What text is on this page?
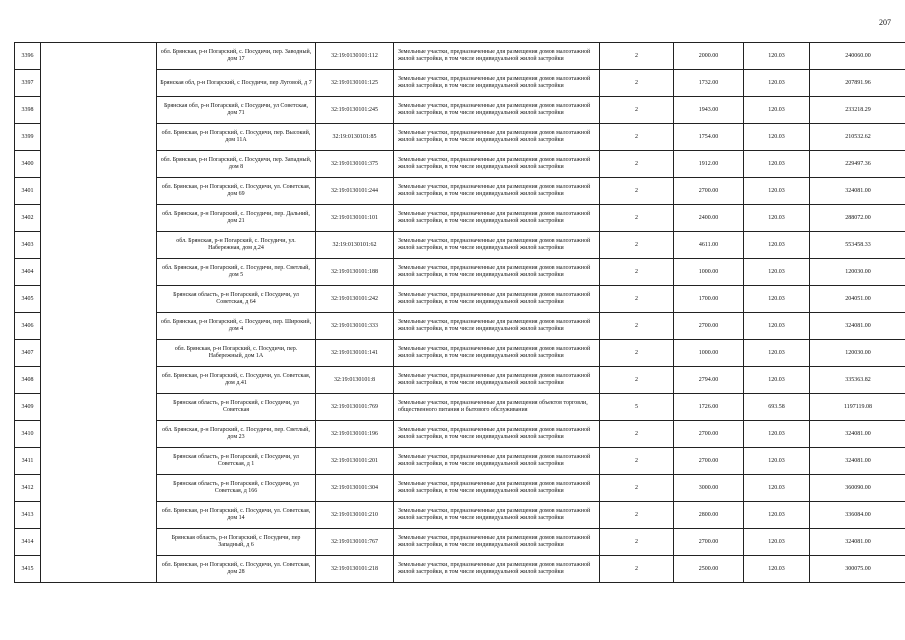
207
3396		обл. Брянская, р-н Погарский, с. Посудичи, пер. Заводный, дом 17	32:19:0130101:112	Земельные участки, предназначенные для размещения домов малоэтажной жилой застройки, в том числе индивидуальной жилой застройки	2	2000.00	120.03	240060.00
3397		Брянская обл, р-н Погарский, с Посудичи, пер Луговой, д 7	32:19:0130101:125	Земельные участки, предназначенные для размещения домов малоэтажной жилой застройки, в том числе индивидуальной жилой застройки	2	1732.00	120.03	207891.96
3398		Брянская обл, р-н Погарский, с Посудичи, ул Советская, дом 71	32:19:0130101:245	Земельные участки, предназначенные для размещения домов малоэтажной жилой застройки, в том числе индивидуальной жилой застройки	2	1943.00	120.03	233218.29
3399		обл. Брянская, р-н Погарский, с. Посудичи, пер. Высокий, дом 11А	32:19:0130101:85	Земельные участки, предназначенные для размещения домов малоэтажной жилой застройки, в том числе индивидуальной жилой застройки	2	1754.00	120.03	210532.62
3400		обл. Брянская, р-н Погарский, с. Посудичи, пер. Западный, дом 8	32:19:0130101:375	Земельные участки, предназначенные для размещения домов малоэтажной жилой застройки, в том числе индивидуальной жилой застройки	2	1912.00	120.03	229497.36
3401		обл. Брянская, р-н Погарский, с. Посудичи, ул. Советская, дом 69	32:19:0130101:244	Земельные участки, предназначенные для размещения домов малоэтажной жилой застройки, в том числе индивидуальной жилой застройки	2	2700.00	120.03	324081.00
3402		обл. Брянская, р-н Погарский, с. Посудичи, пер. Дальний, дом 21	32:19:0130101:101	Земельные участки, предназначенные для размещения домов малоэтажной жилой застройки, в том числе индивидуальной жилой застройки	2	2400.00	120.03	288072.00
3403		обл. Брянская, р-н Погарский, с. Посудичи, ул. Набережная, дом д.24	32:19:0130101:62	Земельные участки, предназначенные для размещения домов малоэтажной жилой застройки, в том числе индивидуальной жилой застройки	2	4611.00	120.03	553458.33
3404		обл. Брянская, р-н Погарский, с. Посудичи, пер. Светлый, дом 5	32:19:0130101:188	Земельные участки, предназначенные для размещения домов малоэтажной жилой застройки, в том числе индивидуальной жилой застройки	2	1000.00	120.03	120030.00
3405		Брянская область, р-н Погарский, с Посудичи, ул Советская, д 64	32:19:0130101:242	Земельные участки, предназначенные для размещения домов малоэтажной жилой застройки, в том числе индивидуальной жилой застройки	2	1700.00	120.03	204051.00
3406		обл. Брянская, р-н Погарский, с. Посудичи, пер. Широкий, дом 4	32:19:0130101:333	Земельные участки, предназначенные для размещения домов малоэтажной жилой застройки, в том числе индивидуальной жилой застройки	2	2700.00	120.03	324081.00
3407		обл. Брянская, р-н Погарский, с. Посудичи, пер. Набережный, дом 1А	32:19:0130101:141	Земельные участки, предназначенные для размещения домов малоэтажной жилой застройки, в том числе индивидуальной жилой застройки	2	1000.00	120.03	120030.00
3408		обл. Брянская, р-н Погарский, с. Посудичи, ул. Советская, дом д.41	32:19:0130101:8	Земельные участки, предназначенные для размещения домов малоэтажной жилой застройки, в том числе индивидуальной жилой застройки	2	2794.00	120.03	335363.82
3409		Брянская область, р-н Погарский, с Посудичи, ул Советская	32:19:0130101:769	Земельные участки, предназначенные для размещения объектов торговли, общественного питания и бытового обслуживания	5	1726.00	693.58	1197119.08
3410		обл. Брянская, р-н Погарский, с. Посудичи, пер. Светлый, дом 23	32:19:0130101:196	Земельные участки, предназначенные для размещения домов малоэтажной жилой застройки, в том числе индивидуальной жилой застройки	2	2700.00	120.03	324081.00
3411		Брянская область, р-н Погарский, с Посудичи, ул Советская, д 1	32:19:0130101:201	Земельные участки, предназначенные для размещения домов малоэтажной жилой застройки, в том числе индивидуальной жилой застройки	2	2700.00	120.03	324081.00
3412		Брянская область, р-н Погарский, с Посудичи, ул Советская, д 166	32:19:0130101:304	Земельные участки, предназначенные для размещения домов малоэтажной жилой застройки, в том числе индивидуальной жилой застройки	2	3000.00	120.03	360090.00
3413		обл. Брянская, р-н Погарский, с. Посудичи, ул. Советская, дом 14	32:19:0130101:210	Земельные участки, предназначенные для размещения домов малоэтажной жилой застройки, в том числе индивидуальной жилой застройки	2	2800.00	120.03	336084.00
3414		Брянская область, р-н Погарский, с Посудичи, пер Западный, д 6	32:19:0130101:767	Земельные участки, предназначенные для размещения домов малоэтажной жилой застройки, в том числе индивидуальной жилой застройки	2	2700.00	120.03	324081.00
3415		обл. Брянская, р-н Погарский, с. Посудичи, ул. Советская, дом 28	32:19:0130101:218	Земельные участки, предназначенные для размещения домов малоэтажной жилой застройки, в том числе индивидуальной жилой застройки	2	2500.00	120.03	300075.00
